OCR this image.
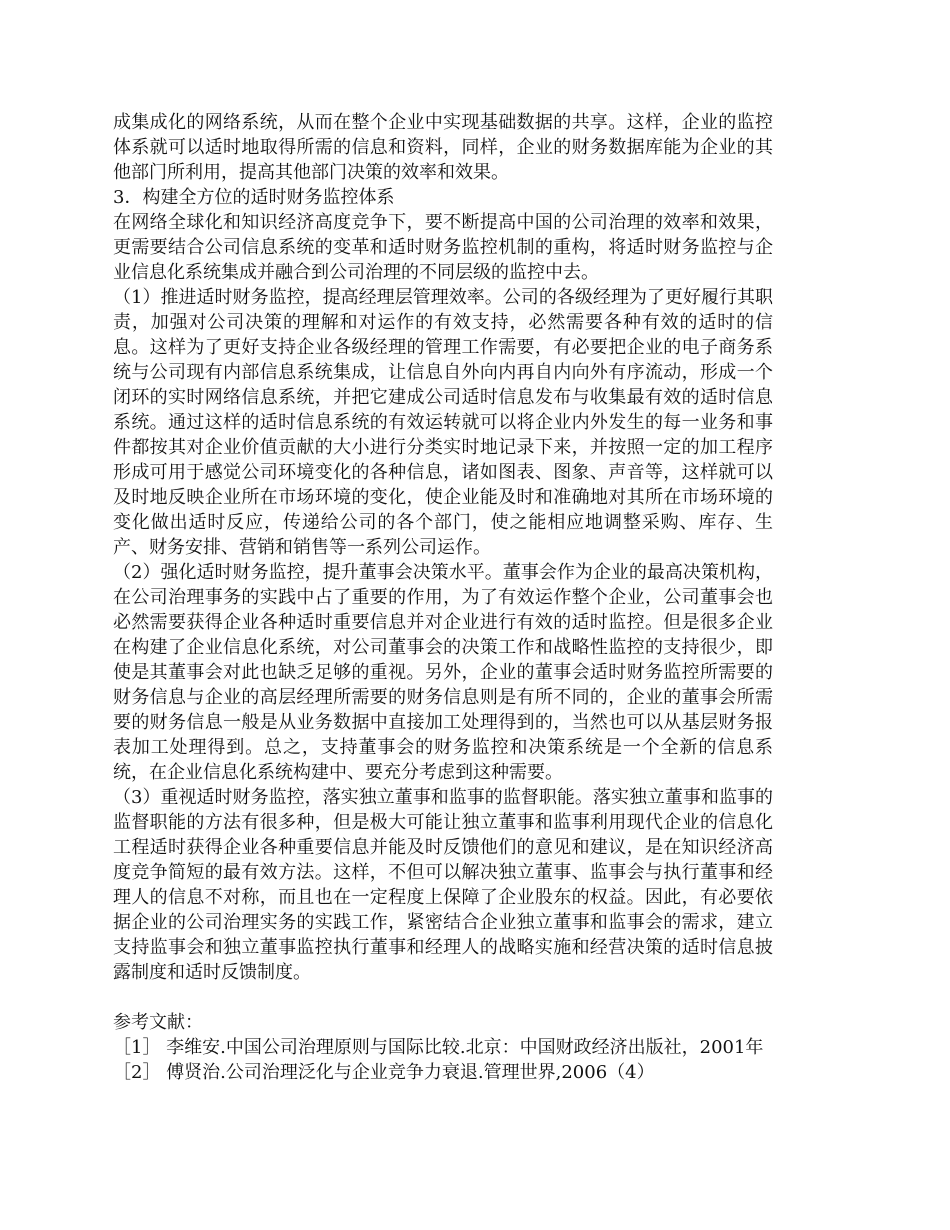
成集成化的网络系统，从而在整个企业中实现基础数据的共享。这样，企业的监控体系就可以适时地取得所需的信息和资料，同样，企业的财务数据库能为企业的其他部门所利用，提高其他部门决策的效率和效果。

3．构建全方位的适时财务监控体系

在网络全球化和知识经济高度竞争下，要不断提高中国的公司治理的效率和效果，更需要结合公司信息系统的变革和适时财务监控机制的重构，将适时财务监控与企业信息化系统集成并融合到公司治理的不同层级的监控中去。

（1）推进适时财务监控，提高经理层管理效率。公司的各级经理为了更好履行其职责，加强对公司决策的理解和对运作的有效支持，必然需要各种有效的适时的信息。这样为了更好支持企业各级经理的管理工作需要，有必要把企业的电子商务系统与公司现有内部信息系统集成，让信息自外向内再自内向外有序流动，形成一个闭环的实时网络信息系统，并把它建成公司适时信息发布与收集最有效的适时信息系统。通过这样的适时信息系统的有效运转就可以将企业内外发生的每一业务和事件都按其对企业价值贡献的大小进行分类实时地记录下来，并按照一定的加工程序形成可用于感觉公司环境变化的各种信息，诸如图表、图象、声音等，这样就可以及时地反映企业所在市场环境的变化，使企业能及时和准确地对其所在市场环境的变化做出适时反应，传递给公司的各个部门，使之能相应地调整采购、库存、生产、财务安排、营销和销售等一系列公司运作。

（2）强化适时财务监控，提升董事会决策水平。董事会作为企业的最高决策机构，在公司治理事务的实践中占了重要的作用，为了有效运作整个企业，公司董事会也必然需要获得企业各种适时重要信息并对企业进行有效的适时监控。但是很多企业在构建了企业信息化系统，对公司董事会的决策工作和战略性监控的支持很少，即使是其董事会对此也缺乏足够的重视。另外，企业的董事会适时财务监控所需要的财务信息与企业的高层经理所需要的财务信息则是有所不同的，企业的董事会所需要的财务信息一般是从业务数据中直接加工处理得到的，当然也可以从基层财务报表加工处理得到。总之，支持董事会的财务监控和决策系统是一个全新的信息系统，在企业信息化系统构建中、要充分考虑到这种需要。

（3）重视适时财务监控，落实独立董事和监事的监督职能。落实独立董事和监事的监督职能的方法有很多种，但是极大可能让独立董事和监事利用现代企业的信息化工程适时获得企业各种重要信息并能及时反馈他们的意见和建议，是在知识经济高度竞争简短的最有效方法。这样，不但可以解决独立董事、监事会与执行董事和经理人的信息不对称，而且也在一定程度上保障了企业股东的权益。因此，有必要依据企业的公司治理实务的实践工作，紧密结合企业独立董事和监事会的需求，建立支持监事会和独立董事监控执行董事和经理人的战略实施和经营决策的适时信息披露制度和适时反馈制度。

参考文献：

［1］ 李维安.中国公司治理原则与国际比较.北京：中国财政经济出版社，2001年

［2］ 傅贤治.公司治理泛化与企业竞争力衰退.管理世界,2006（4）
